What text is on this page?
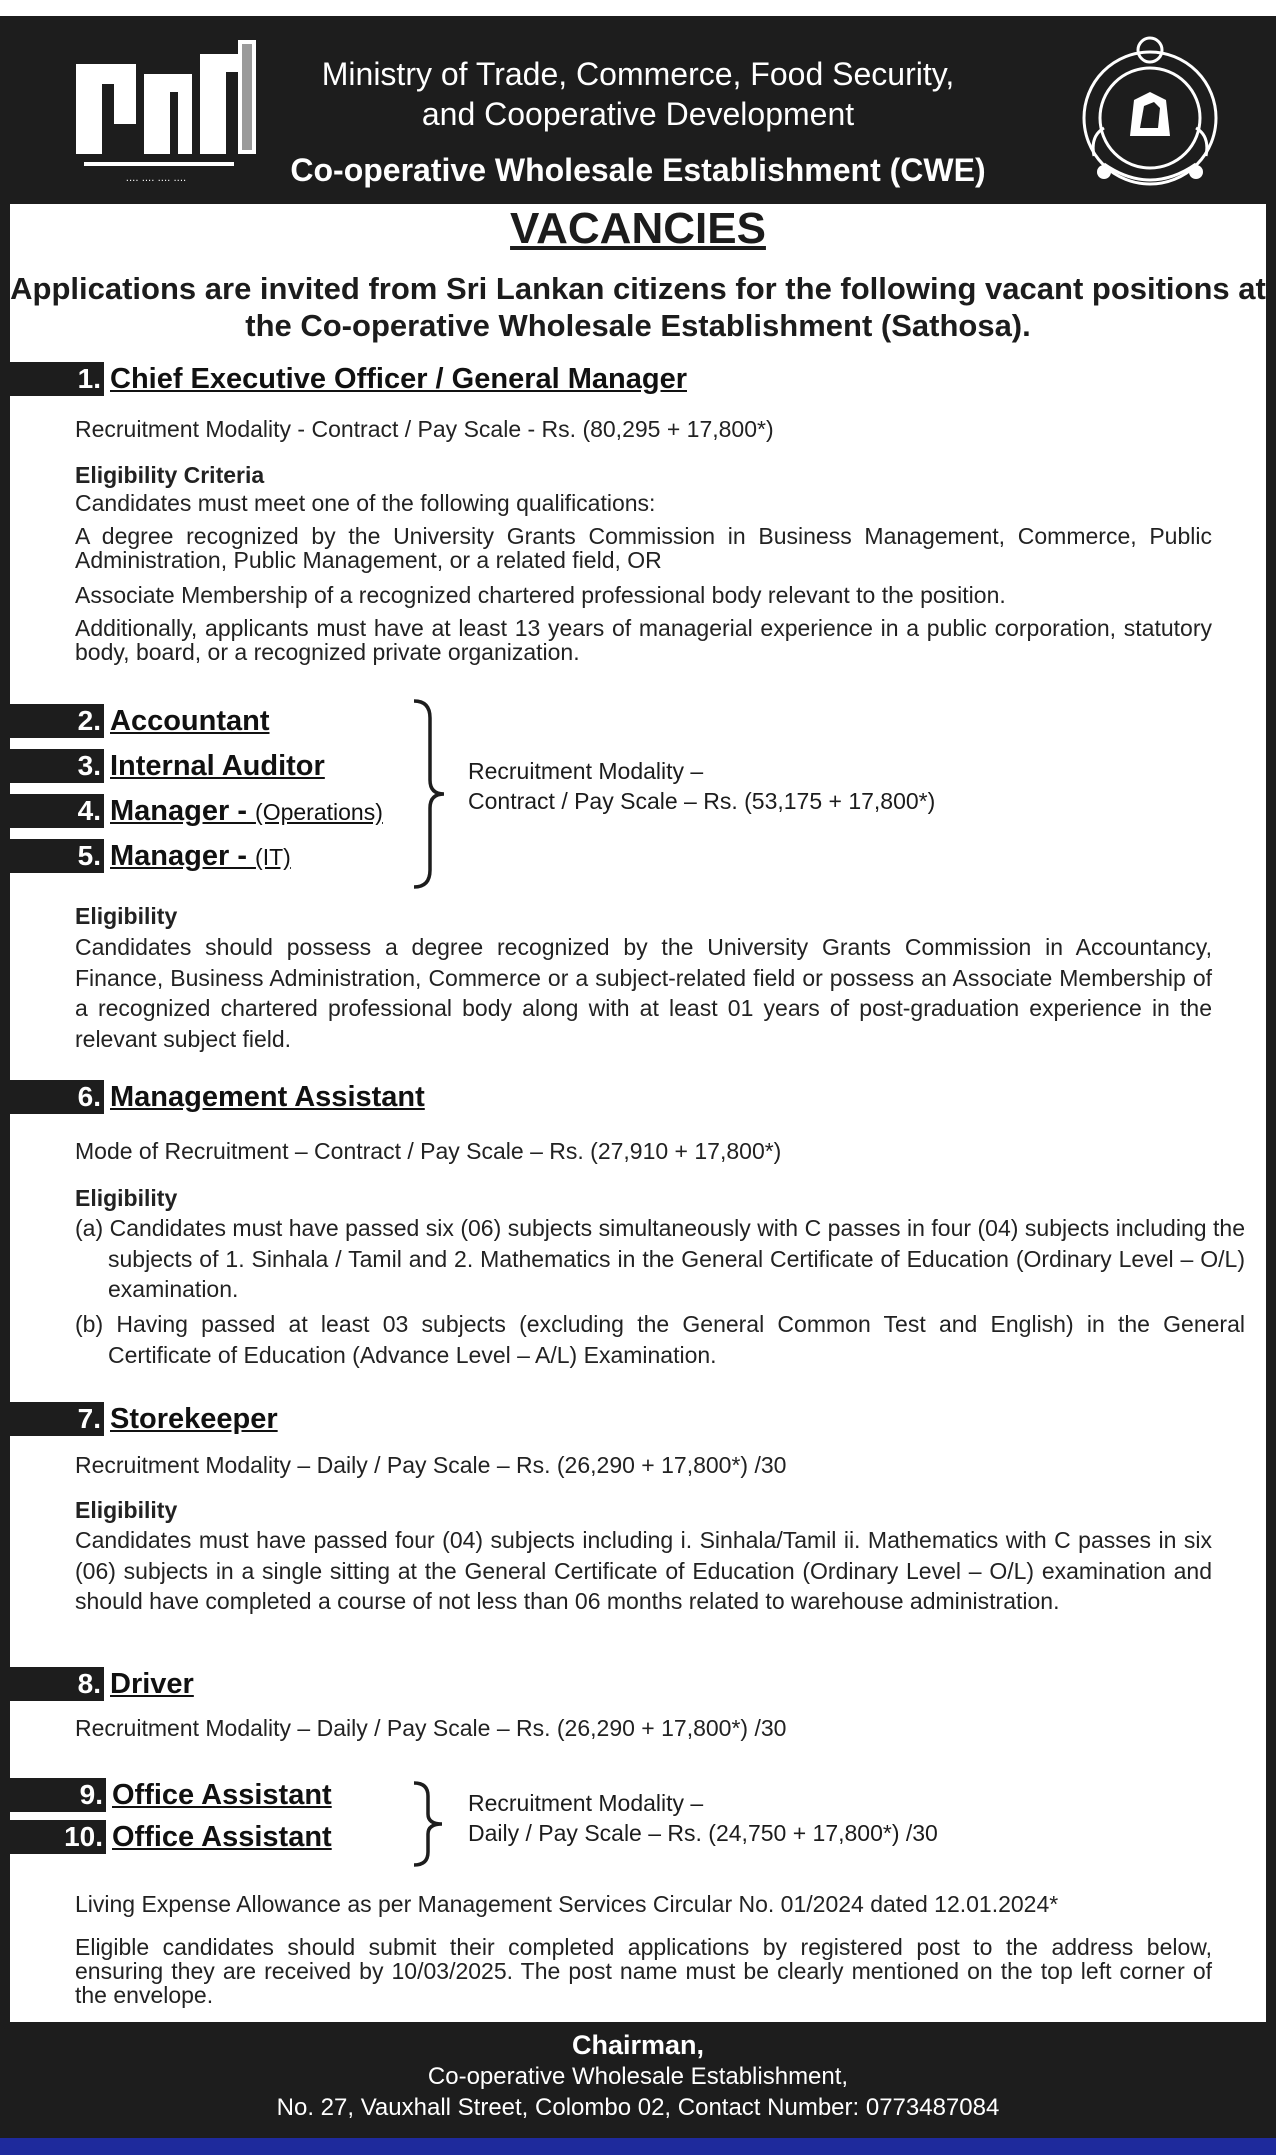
···· ···· ···· ····
Ministry of Trade, Commerce, Food Security,
and Cooperative Development
Co-operative Wholesale Establishment (CWE)
VACANCIES
Applications are invited from Sri Lankan citizens for the following vacant positions at the Co-operative Wholesale Establishment (Sathosa).
1. Chief Executive Officer / General Manager
Recruitment Modality - Contract / Pay Scale - Rs. (80,295 + 17,800*)
Eligibility Criteria
Candidates must meet one of the following qualifications:
A degree recognized by the University Grants Commission in Business Management, Commerce, Public Administration, Public Management, or a related field, OR
Associate Membership of a recognized chartered professional body relevant to the position.
Additionally, applicants must have at least 13 years of managerial experience in a public corporation, statutory body, board, or a recognized private organization.
2. Accountant
3. Internal Auditor
4. Manager - (Operations)
5. Manager - (IT)
Recruitment Modality –
Contract / Pay Scale – Rs. (53,175 + 17,800*)
Eligibility
Candidates should possess a degree recognized by the University Grants Commission in Accountancy, Finance, Business Administration, Commerce or a subject-related field or possess an Associate Membership of a recognized chartered professional body along with at least 01 years of post-graduation experience in the relevant subject field.
6. Management Assistant
Mode of Recruitment – Contract / Pay Scale – Rs. (27,910 + 17,800*)
Eligibility
(a) Candidates must have passed six (06) subjects simultaneously with C passes in four (04) subjects including the subjects of 1. Sinhala / Tamil and 2. Mathematics in the General Certificate of Education (Ordinary Level – O/L) examination.
(b) Having passed at least 03 subjects (excluding the General Common Test and English) in the General Certificate of Education (Advance Level – A/L) Examination.
7. Storekeeper
Recruitment Modality – Daily / Pay Scale – Rs. (26,290 + 17,800*) /30
Eligibility
Candidates must have passed four (04) subjects including i. Sinhala/Tamil ii. Mathematics with C passes in six (06) subjects in a single sitting at the General Certificate of Education (Ordinary Level – O/L) examination and should have completed a course of not less than 06 months related to warehouse administration.
8. Driver
Recruitment Modality – Daily / Pay Scale – Rs. (26,290 + 17,800*) /30
9. Office Assistant
10. Office Assistant
Recruitment Modality –
Daily / Pay Scale – Rs. (24,750 + 17,800*) /30
Living Expense Allowance as per Management Services Circular No. 01/2024 dated 12.01.2024*
Eligible candidates should submit their completed applications by registered post to the address below, ensuring they are received by 10/03/2025. The post name must be clearly mentioned on the top left corner of the envelope.
Chairman,
Co-operative Wholesale Establishment,
No. 27, Vauxhall Street, Colombo 02, Contact Number: 0773487084
